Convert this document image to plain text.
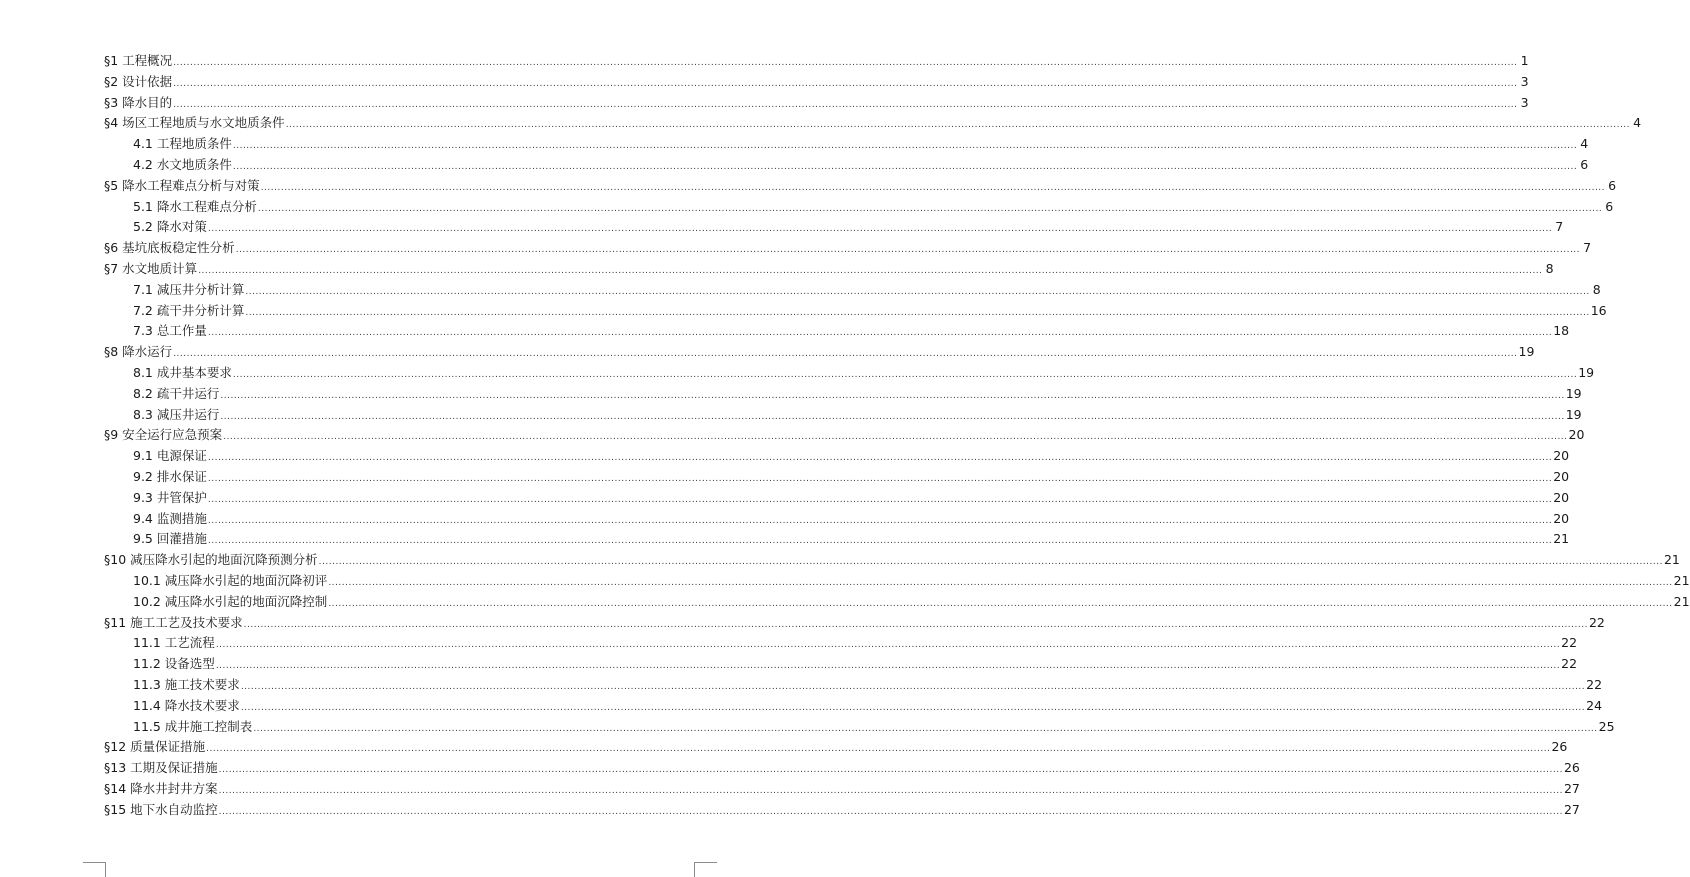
§1 工程概况 ................................................................................................................................................................................................................................................................................................................................................................................................................ 1
§2 设计依据 ................................................................................................................................................................................................................................................................................................................................................................................................................ 3
§3 降水目的 ................................................................................................................................................................................................................................................................................................................................................................................................................ 3
§4 场区工程地质与水文地质条件 ................................................................................................................................................................................................................................................................................................................................................................................................................ 4
4.1 工程地质条件 ................................................................................................................................................................................................................................................................................................................................................................................................................ 4
4.2 水文地质条件 ................................................................................................................................................................................................................................................................................................................................................................................................................ 6
§5 降水工程难点分析与对策 ................................................................................................................................................................................................................................................................................................................................................................................................................ 6
5.1 降水工程难点分析 ................................................................................................................................................................................................................................................................................................................................................................................................................ 6
5.2 降水对策 ................................................................................................................................................................................................................................................................................................................................................................................................................ 7
§6 基坑底板稳定性分析 ................................................................................................................................................................................................................................................................................................................................................................................................................ 7
§7 水文地质计算 ................................................................................................................................................................................................................................................................................................................................................................................................................ 8
7.1 减压井分析计算 ................................................................................................................................................................................................................................................................................................................................................................................................................ 8
7.2 疏干井分析计算 ................................................................................................................................................................................................................................................................................................................................................................................................................ 16
7.3 总工作量 ................................................................................................................................................................................................................................................................................................................................................................................................................ 18
§8 降水运行 ................................................................................................................................................................................................................................................................................................................................................................................................................ 19
8.1 成井基本要求 ................................................................................................................................................................................................................................................................................................................................................................................................................ 19
8.2 疏干井运行 ................................................................................................................................................................................................................................................................................................................................................................................................................ 19
8.3 减压井运行 ................................................................................................................................................................................................................................................................................................................................................................................................................ 19
§9 安全运行应急预案 ................................................................................................................................................................................................................................................................................................................................................................................................................ 20
9.1 电源保证 ................................................................................................................................................................................................................................................................................................................................................................................................................ 20
9.2 排水保证 ................................................................................................................................................................................................................................................................................................................................................................................................................ 20
9.3 井管保护 ................................................................................................................................................................................................................................................................................................................................................................................................................ 20
9.4 监测措施 ................................................................................................................................................................................................................................................................................................................................................................................................................ 20
9.5 回灌措施 ................................................................................................................................................................................................................................................................................................................................................................................................................ 21
§10 减压降水引起的地面沉降预测分析 ................................................................................................................................................................................................................................................................................................................................................................................................................ 21
10.1 减压降水引起的地面沉降初评 ................................................................................................................................................................................................................................................................................................................................................................................................................ 21
10.2 减压降水引起的地面沉降控制 ................................................................................................................................................................................................................................................................................................................................................................................................................ 21
§11 施工工艺及技术要求 ................................................................................................................................................................................................................................................................................................................................................................................................................ 22
11.1 工艺流程 ................................................................................................................................................................................................................................................................................................................................................................................................................ 22
11.2 设备选型 ................................................................................................................................................................................................................................................................................................................................................................................................................ 22
11.3 施工技术要求 ................................................................................................................................................................................................................................................................................................................................................................................................................ 22
11.4 降水技术要求 ................................................................................................................................................................................................................................................................................................................................................................................................................ 24
11.5 成井施工控制表 ................................................................................................................................................................................................................................................................................................................................................................................................................ 25
§12 质量保证措施 ................................................................................................................................................................................................................................................................................................................................................................................................................ 26
§13 工期及保证措施 ................................................................................................................................................................................................................................................................................................................................................................................................................ 26
§14 降水井封井方案 ................................................................................................................................................................................................................................................................................................................................................................................................................ 27
§15 地下水自动监控 ................................................................................................................................................................................................................................................................................................................................................................................................................ 27
